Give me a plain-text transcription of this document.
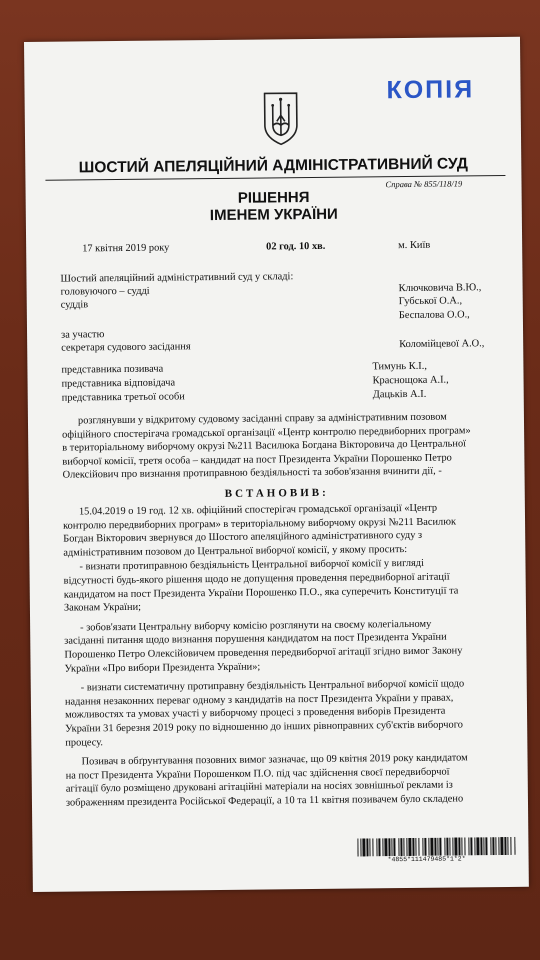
КОПІЯ
ШОСТИЙ АПЕЛЯЦІЙНИЙ АДМІНІСТРАТИВНИЙ СУД
Справа № 855/118/19
РІШЕННЯ
ІМЕНЕМ УКРАЇНИ
17 квітня 2019 року	02 год. 10 хв.	м. Київ
Шостий апеляційний адміністративний суд у складі:
головуючого – судді	Ключковича В.Ю.,
суддів	Губської О.А.,
Беспалова О.О.,
за участю
секретаря судового засідання	Коломійцевої А.О.,
представника позивача	Тимунь К.І.,
представника відповідача	Краснощока А.І.,
представника третьої особи	Дацьків А.І.
розглянувши у відкритому судовому засіданні справу за адміністративним позовом
офіційного спостерігача громадської організації «Центр контролю передвиборних програм»
в територіальному виборчому окрузі №211 Василюка Богдана Вікторовича до Центральної
виборчої комісії, третя особа – кандидат на пост Президента України Порошенко Петро
Олексійович про визнання протиправною бездіяльності та зобов'язання вчинити дії, -
ВСТАНОВИВ:
15.04.2019 о 19 год. 12 хв. офіційний спостерігач громадської організації «Центр
контролю передвиборних програм» в територіальному виборчому окрузі №211 Василюк
Богдан Вікторович звернувся до Шостого апеляційного адміністративного суду з
адміністративним позовом до Центральної виборчої комісії, у якому просить:
- визнати протиправною бездіяльність Центральної виборчої комісії у вигляді
відсутності будь-якого рішення щодо не допущення проведення передвиборної агітації
кандидатом на пост Президента України Порошенко П.О., яка суперечить Конституції та
Законам України;
- зобов'язати Центральну виборчу комісію розглянути на своєму колегіальному
засіданні питання щодо визнання порушення кандидатом на пост Президента України
Порошенко Петро Олексійовичем проведення передвиборчої агітації згідно вимог Закону
України «Про вибори Президента України»;
- визнати систематичну протиправну бездіяльність Центральної виборчої комісії щодо
надання незаконних переваг одному з кандидатів на пост Президента України у правах,
можливостях та умовах участі у виборчому процесі з проведення виборів Президента
України 31 березня 2019 року по відношенню до інших рівноправних суб'єктів виборчого
процесу.
Позивач в обґрунтування позовних вимог зазначає, що 09 квітня 2019 року кандидатом
на пост Президента України Порошенком П.О. під час здійснення своєї передвиборчої
агітації було розміщено друковані агітаційні матеріали на носіях зовнішньої реклами із
зображенням президента Російської Федерації, а 10 та 11 квітня позивачем було складено
*4855*111479485*1*2*
